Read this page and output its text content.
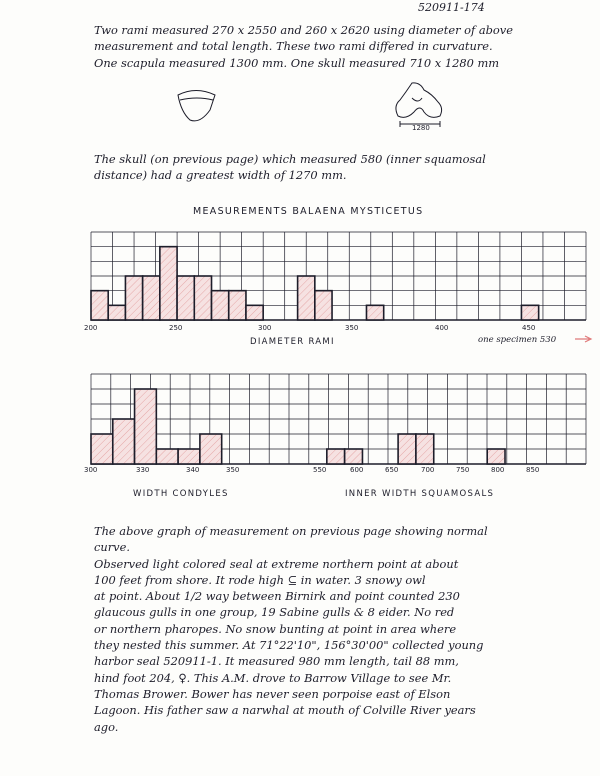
520911-174
Two rami measured 270 x 2550 and 260 x 2620 using diameter of above
measurement and total length. These two rami differed in curvature.
One scapula measured 1300 mm. One skull measured 710 x 1280 mm
1280
The skull (on previous page) which measured 580 (inner squamosal
distance) had a greatest width of 1270 mm.
MEASUREMENTS BALAENA MYSTICETUS
200	250	300	350	400	450
DIAMETER RAMI	one specimen 530
300	330	340	350	550	600	650	700	750	800	850
WIDTH CONDYLES	INNER WIDTH SQUAMOSALS
The above graph of measurement on previous page showing normal
curve.
Observed light colored seal at extreme northern point at about
100 feet from shore. It rode high ⊆ in water. 3 snowy owl
at point. About 1/2 way between Birnirk and point counted 230
glaucous gulls in one group, 19 Sabine gulls & 8 eider. No red
or northern pharopes. No snow bunting at point in area where
they nested this summer. At 71°22'10", 156°30'00" collected young
harbor seal 520911-1. It measured 980 mm length, tail 88 mm,
hind foot 204, ♀. This A.M. drove to Barrow Village to see Mr.
Thomas Brower. Bower has never seen porpoise east of Elson
Lagoon. His father saw a narwhal at mouth of Colville River years
ago.
